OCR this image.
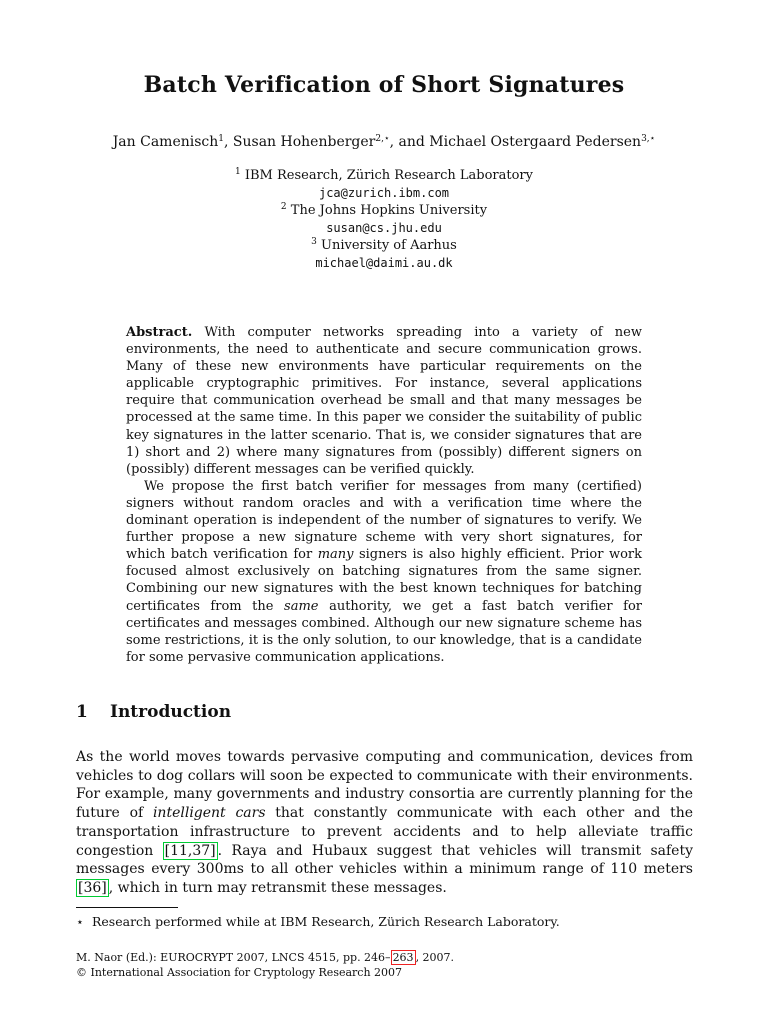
Batch Verification of Short Signatures
Jan Camenisch$^1$, Susan Hohenberger$^{2,⋆}$, and Michael Ostergaard Pedersen$^{3,⋆}$
$^1$ IBM Research, Zürich Research Laboratory
jca@zurich.ibm.com
$^2$ The Johns Hopkins University
susan@cs.jhu.edu
$^3$ University of Aarhus
michael@daimi.au.dk

Abstract. With computer networks spreading into a variety of new environments, the need to authenticate and secure communication grows. Many of these new environments have particular requirements on the applicable cryptographic primitives. For instance, several applications require that communication overhead be small and that many messages be processed at the same time. In this paper we consider the suitability of public key signatures in the latter scenario. That is, we consider signatures that are 1) short and 2) where many signatures from (possibly) different signers on (possibly) different messages can be verified quickly.

We propose the first batch verifier for messages from many (certified) signers without random oracles and with a verification time where the dominant operation is independent of the number of signatures to verify. We further propose a new signature scheme with very short signatures, for which batch verification for many signers is also highly efficient. Prior work focused almost exclusively on batching signatures from the same signer. Combining our new signatures with the best known techniques for batching certificates from the same authority, we get a fast batch verifier for certificates and messages combined. Although our new signature scheme has some restrictions, it is the only solution, to our knowledge, that is a candidate for some pervasive communication applications.

1 Introduction

As the world moves towards pervasive computing and communication, devices from vehicles to dog collars will soon be expected to communicate with their environments. For example, many governments and industry consortia are currently planning for the future of intelligent cars that constantly communicate with each other and the transportation infrastructure to prevent accidents and to help alleviate traffic congestion [11,37] . Raya and Hubaux suggest that vehicles will transmit safety messages every 300ms to all other vehicles within a minimum range of 110 meters [36] , which in turn may retransmit these messages.

⋆ Research performed while at IBM Research, Zürich Research Laboratory.
M. Naor (Ed.): EUROCRYPT 2007, LNCS 4515, pp. 246– 263 , 2007.
© International Association for Cryptology Research 2007
